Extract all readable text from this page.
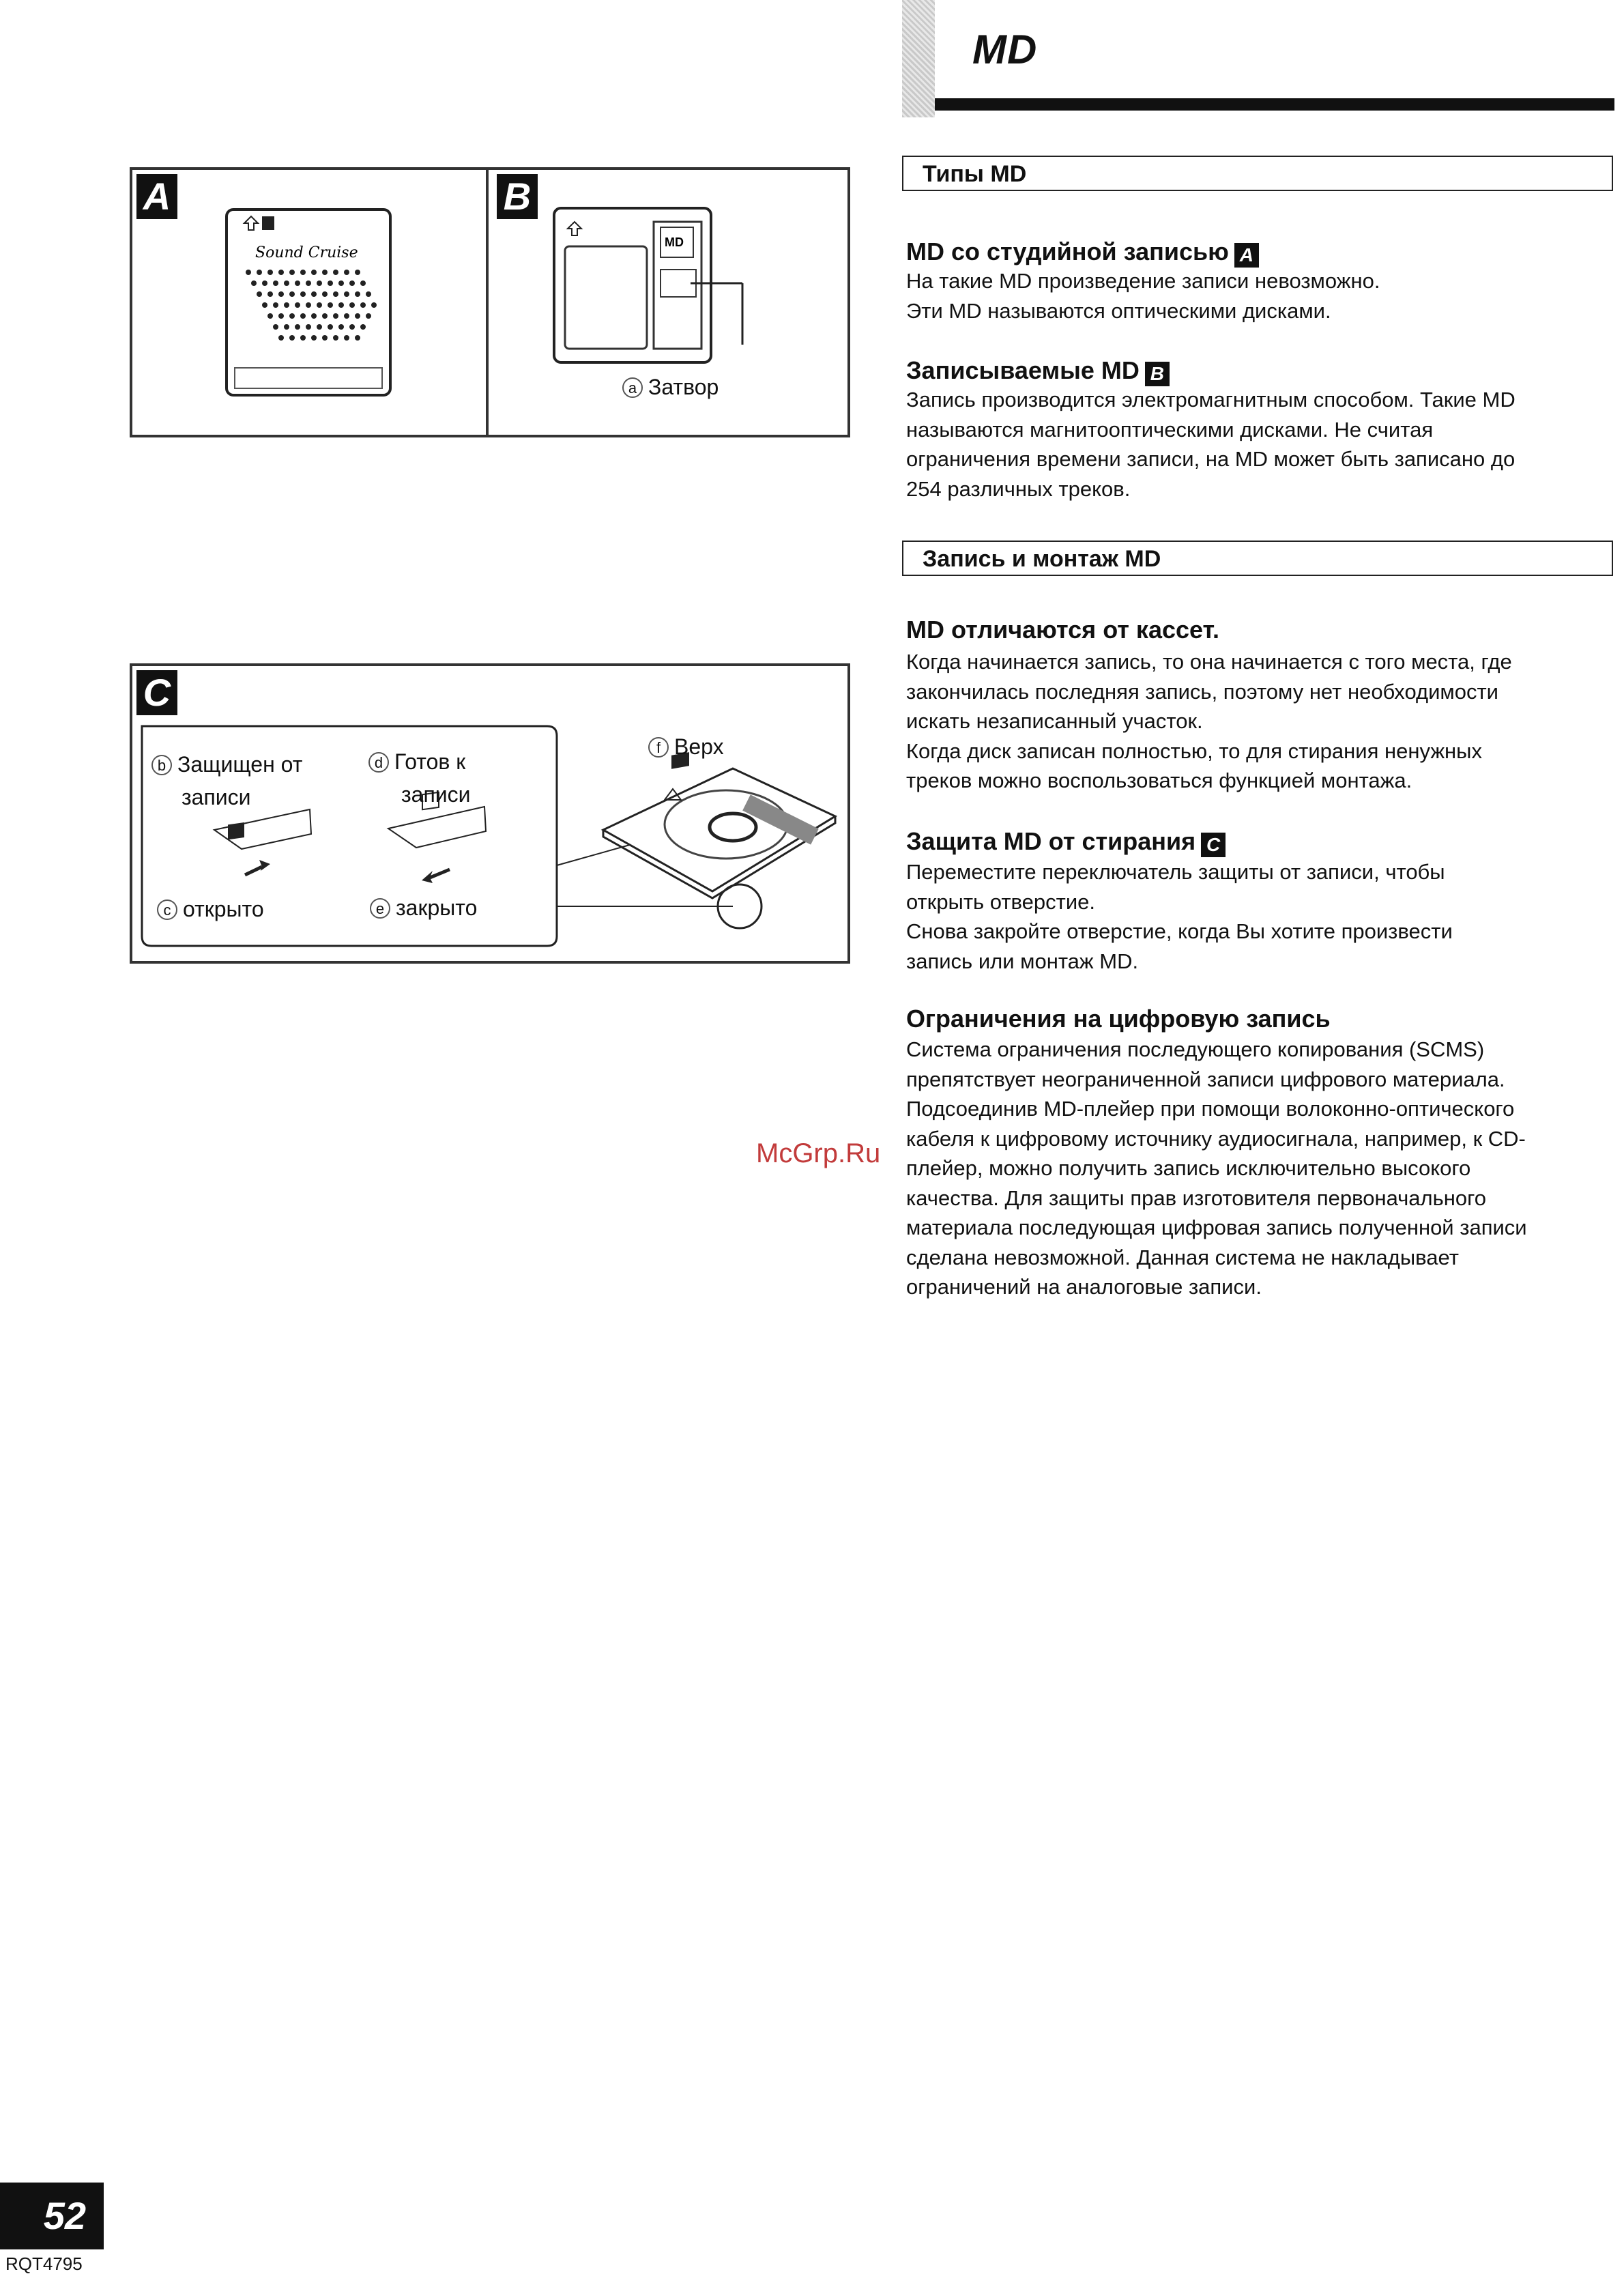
MD
Типы MD
MD со студийной записью A

На такие MD произведение записи невозможно.
Эти MD называются оптическими дисками.

Записываемые MD B

Запись производится электромагнитным способом. Такие MD
называются магнитооптическими дисками. Не считая
ограничения времени записи, на MD может быть записано до
254 различных треков.

Запись и монтаж MD
MD отличаются от кассет.

Когда начинается запись, то она начинается с того места, где
закончилась последняя запись, поэтому нет необходимости
искать незаписанный участок.
Когда диск записан полностью, то для стирания ненужных
треков можно воспользоваться функцией монтажа.

Защита MD от стирания C

Переместите переключатель защиты от записи, чтобы
открыть отверстие.
Снова закройте отверстие, когда Вы хотите произвести
запись или монтаж MD.

Ограничения на цифровую запись

Система ограничения последующего копирования (SCMS)
препятствует неограниченной записи цифрового материала.
Подсоединив MD-плейер при помощи волоконно-оптического
кабеля к цифровому источнику аудиосигнала, например, к CD-
плейер, можно получить запись исключительно высокого
качества. Для защиты прав изготовителя первоначального
материала последующая цифровая запись полученной записи
сделана невозможной. Данная система не накладывает
ограничений на аналоговые записи.

A
Sound Cruise
B
MD
a Затвор
C
b Защищен от
записи
d Готов к
записи
f Верх
c открыто	e закрыто
McGrp.Ru
52
RQT4795
